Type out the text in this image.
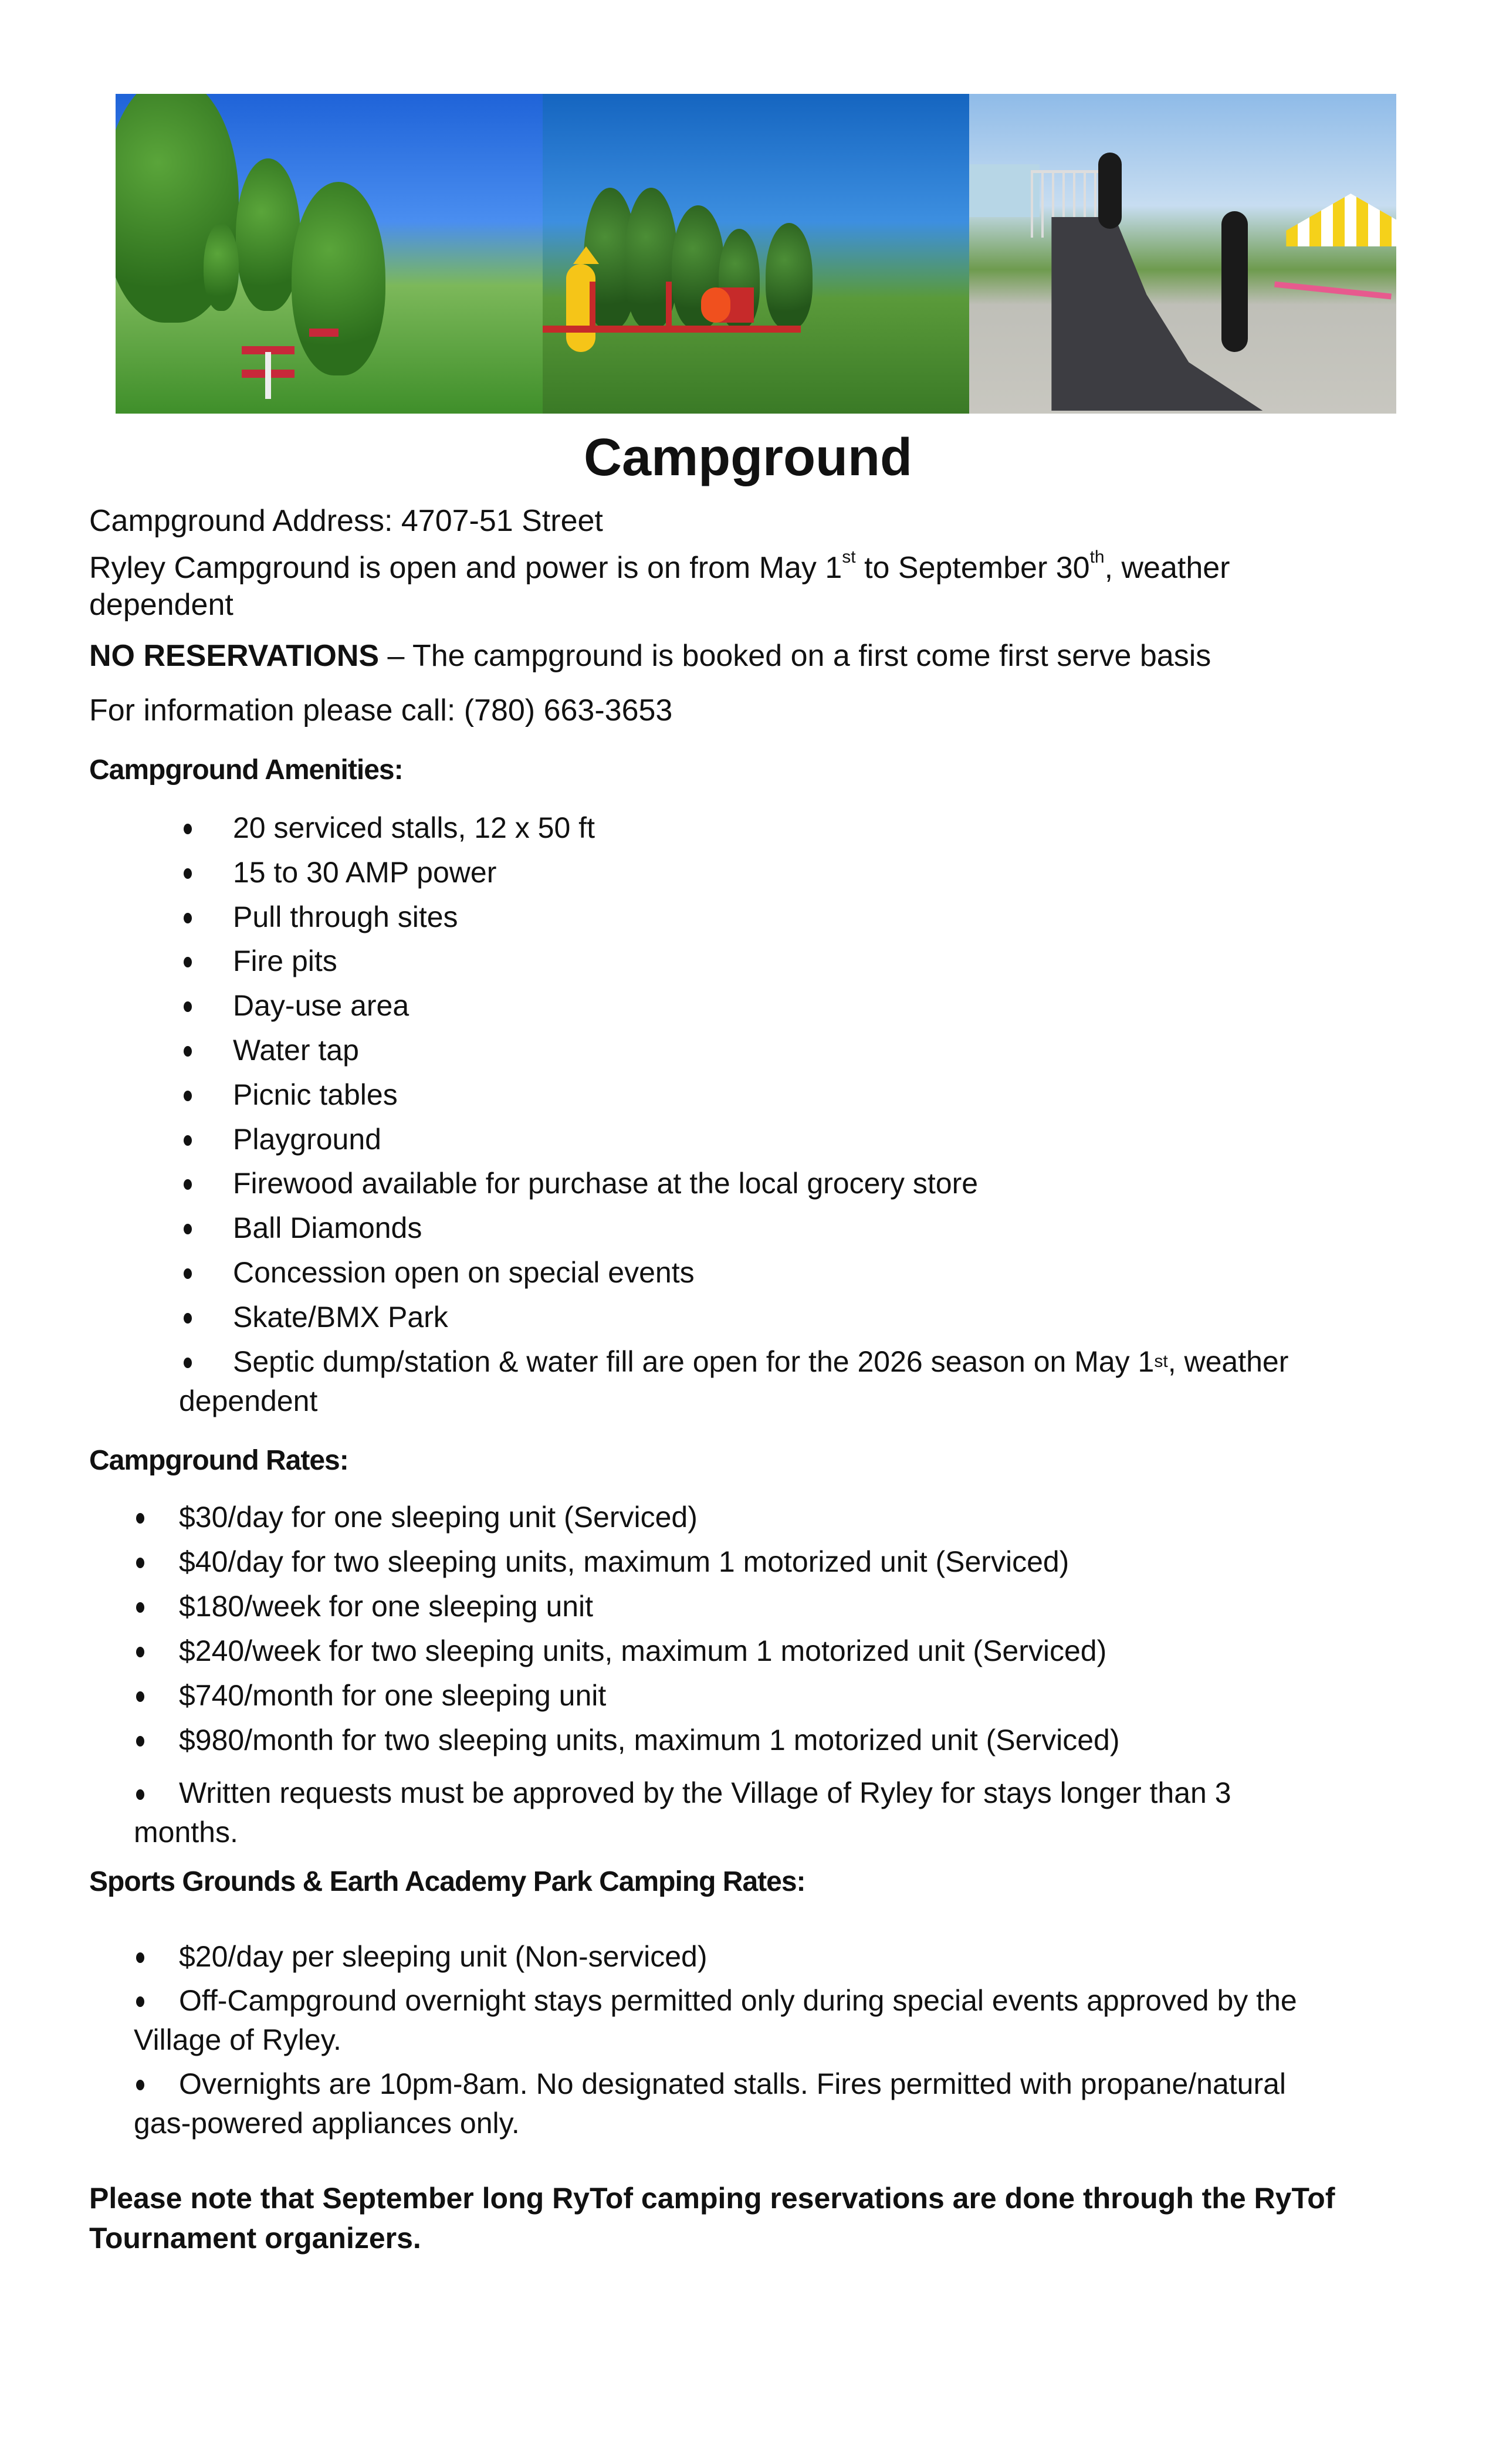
Campground
Campground Address: 4707-51 Street
Ryley Campground is open and power is on from May 1st to September 30th, weather
dependent
NO RESERVATIONS – The campground is booked on a first come first serve basis
For information please call: (780) 663-3653
Campground Amenities:
20 serviced stalls, 12 x 50 ft
15 to 30 AMP power
Pull through sites
Fire pits
Day-use area
Water tap
Picnic tables
Playground
Firewood available for purchase at the local grocery store
Ball Diamonds
Concession open on special events
Skate/BMX Park
Septic dump/station & water fill are open for the 2026 season on May 1st, weather
dependent
Campground Rates:
$30/day for one sleeping unit (Serviced)
$40/day for two sleeping units, maximum 1 motorized unit (Serviced)
$180/week for one sleeping unit
$240/week for two sleeping units, maximum 1 motorized unit (Serviced)
$740/month for one sleeping unit
$980/month for two sleeping units, maximum 1 motorized unit (Serviced)
Written requests must be approved by the Village of Ryley for stays longer than 3
months.
Sports Grounds & Earth Academy Park Camping Rates:
$20/day per sleeping unit (Non-serviced)
Off-Campground overnight stays permitted only during special events approved by the
Village of Ryley.
Overnights are 10pm-8am. No designated stalls. Fires permitted with propane/natural
gas-powered appliances only.
Please note that September long RyTof camping reservations are done through the RyTof
Tournament organizers.
